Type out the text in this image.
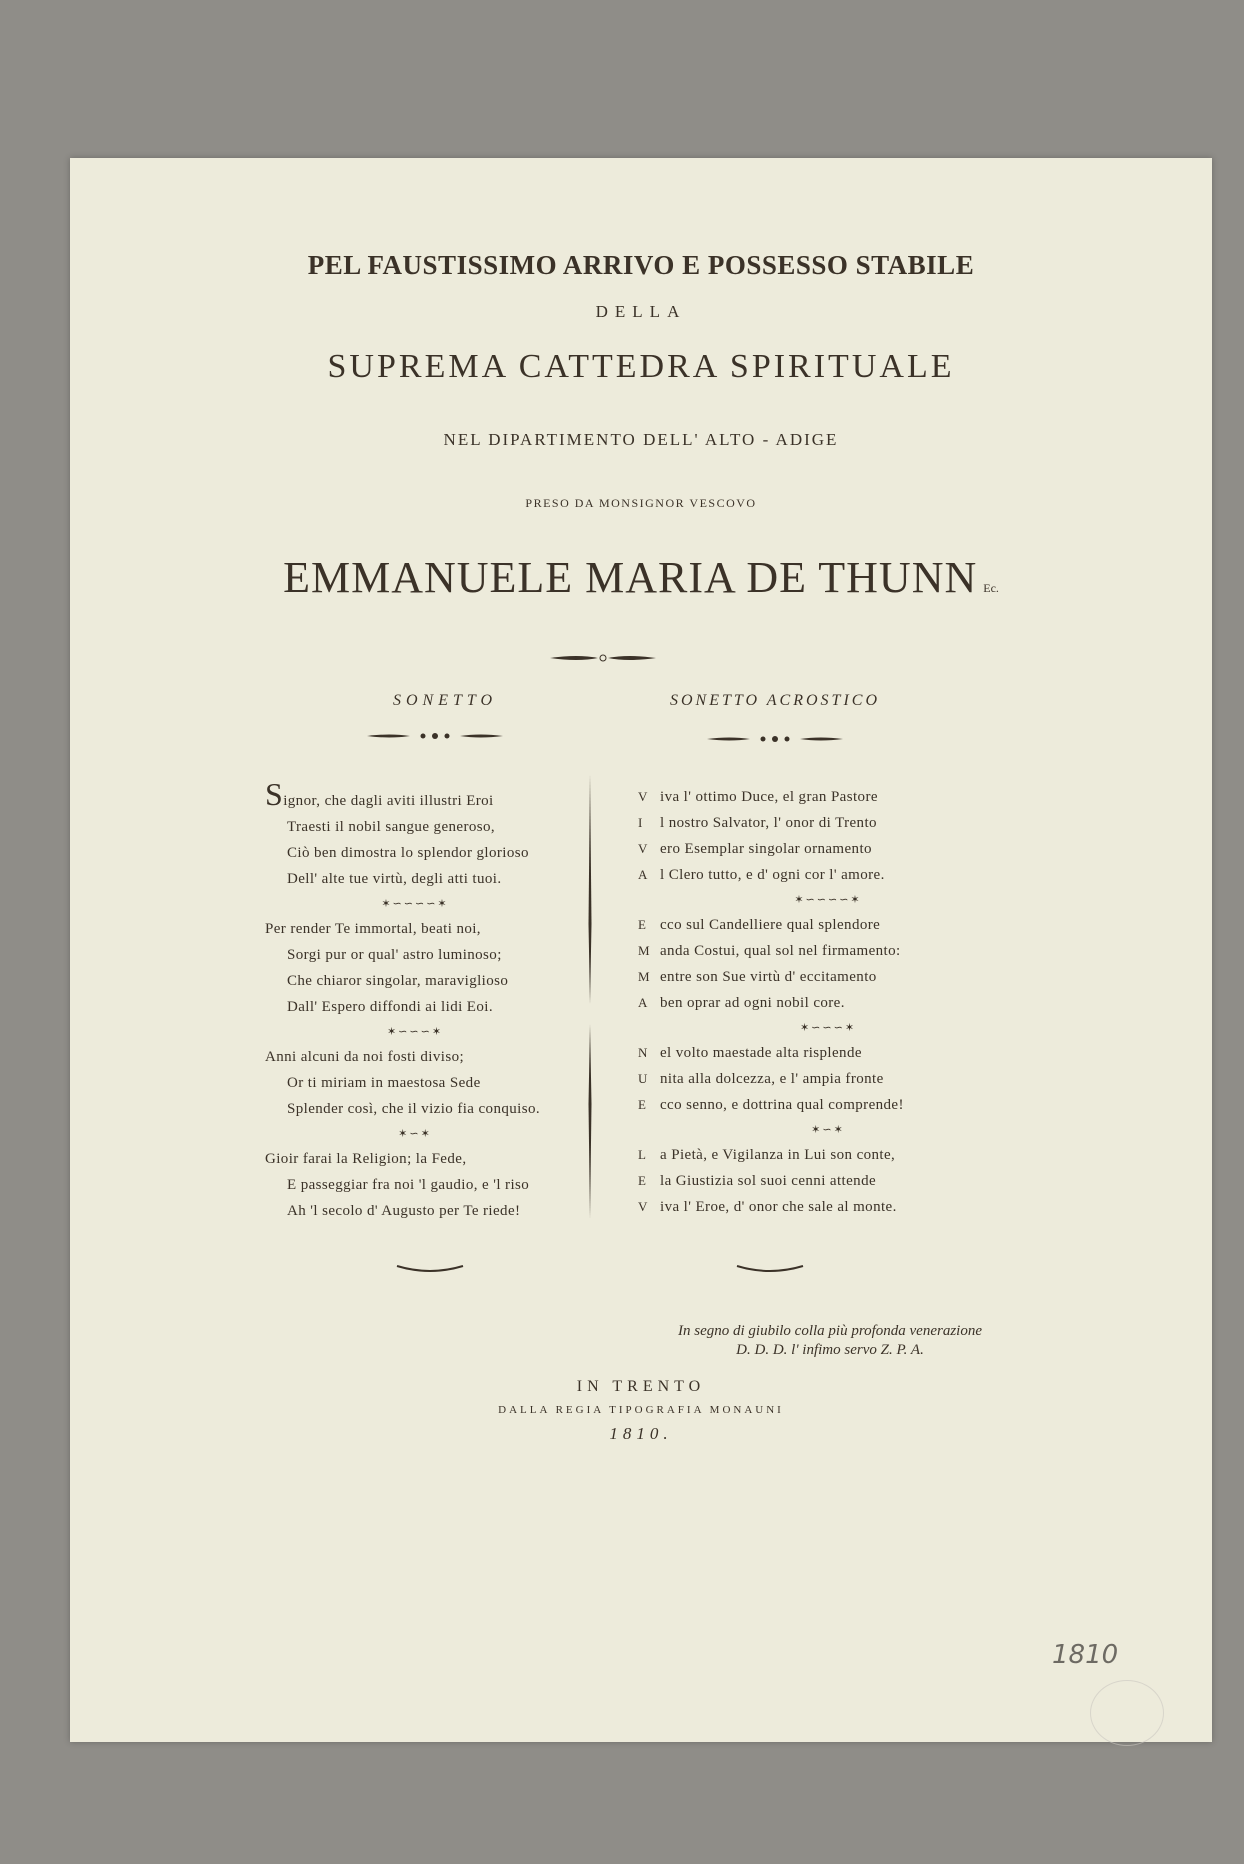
PEL FAUSTISSIMO ARRIVO E POSSESSO STABILE
DELLA
SUPREMA CATTEDRA SPIRITUALE
NEL DIPARTIMENTO DELL' ALTO - ADIGE
PRESO DA MONSIGNOR VESCOVO
EMMANUELE MARIA DE THUNN Ec.
SONETTO	SONETTO ACROSTICO
Signor, che dagli aviti illustri Eroi
Traesti il nobil sangue generoso,
Ciò ben dimostra lo splendor glorioso
Dell' alte tue virtù, degli atti tuoi.
✶∽∽∽∽✶
Per render Te immortal, beati noi,
Sorgi pur or qual' astro luminoso;
Che chiaror singolar, maraviglioso
Dall' Espero diffondi ai lidi Eoi.
✶∽∽∽✶
Anni alcuni da noi fosti diviso;
Or ti miriam in maestosa Sede
Splender così, che il vizio fia conquiso.
✶∽✶
Gioir farai la Religion; la Fede,
E passeggiar fra noi 'l gaudio, e 'l riso
Ah 'l secolo d' Augusto per Te riede!
V iva l' ottimo Duce, el gran Pastore
I l nostro Salvator, l' onor di Trento
V ero Esemplar singolar ornamento
A l Clero tutto, e d' ogni cor l' amore.
✶∽∽∽∽✶
E cco sul Candelliere qual splendore
M anda Costui, qual sol nel firmamento:
M entre son Sue virtù d' eccitamento
A ben oprar ad ogni nobil core.
✶∽∽∽✶
N el volto maestade alta risplende
U nita alla dolcezza, e l' ampia fronte
E cco senno, e dottrina qual comprende!
✶∽✶
L a Pietà, e Vigilanza in Lui son conte,
E la Giustizia sol suoi cenni attende
V iva l' Eroe, d' onor che sale al monte.
In segno di giubilo colla più profonda venerazione
D. D. D. l' infimo servo Z. P. A.
IN TRENTO
DALLA REGIA TIPOGRAFIA MONAUNI
1810.
1810
